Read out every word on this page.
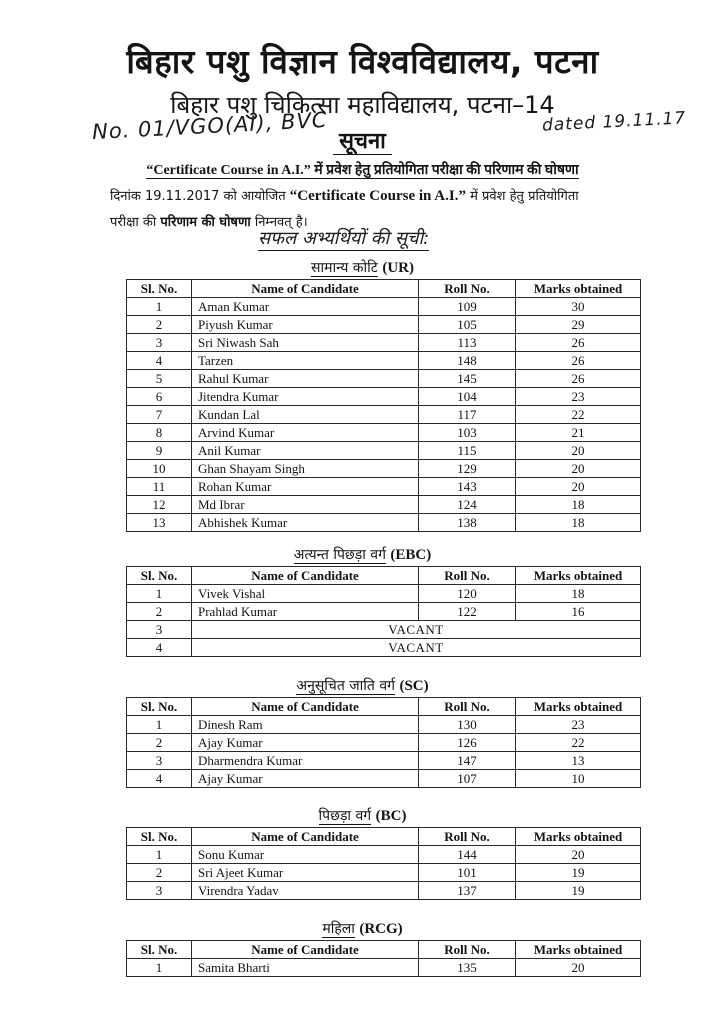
बिहार पशु विज्ञान विश्वविद्यालय, पटना
बिहार पशु चिकित्सा महाविद्यालय, पटना–14
No. 01/VGO(AI), BVC	dated 19.11.17
सूचना
“Certificate Course in A.I.” में प्रवेश हेतु प्रतियोगिता परीक्षा की परिणाम की घोषणा
दिनांक 19.11.2017 को आयोजित “Certificate Course in A.I.” में प्रवेश हेतु प्रतियोगिता
परीक्षा की परिणाम की घोषणा निम्नवत् है।
सफल अभ्यर्थियों की सूची:
सामान्य कोटि (UR)
Sl. No.	Name of Candidate	Roll No.	Marks obtained
1	Aman Kumar	109	30
2	Piyush Kumar	105	29
3	Sri Niwash Sah	113	26
4	Tarzen	148	26
5	Rahul Kumar	145	26
6	Jitendra Kumar	104	23
7	Kundan Lal	117	22
8	Arvind Kumar	103	21
9	Anil Kumar	115	20
10	Ghan Shayam Singh	129	20
11	Rohan Kumar	143	20
12	Md Ibrar	124	18
13	Abhishek Kumar	138	18
अत्यन्त पिछड़ा वर्ग (EBC)
Sl. No.	Name of Candidate	Roll No.	Marks obtained
1	Vivek Vishal	120	18
2	Prahlad Kumar	122	16
3	VACANT		
4	VACANT		
अनुसूचित जाति वर्ग (SC)
Sl. No.	Name of Candidate	Roll No.	Marks obtained
1	Dinesh Ram	130	23
2	Ajay Kumar	126	22
3	Dharmendra Kumar	147	13
4	Ajay Kumar	107	10
पिछड़ा वर्ग (BC)
Sl. No.	Name of Candidate	Roll No.	Marks obtained
1	Sonu Kumar	144	20
2	Sri Ajeet Kumar	101	19
3	Virendra Yadav	137	19
महिला (RCG)
Sl. No.	Name of Candidate	Roll No.	Marks obtained
1	Samita Bharti	135	20
